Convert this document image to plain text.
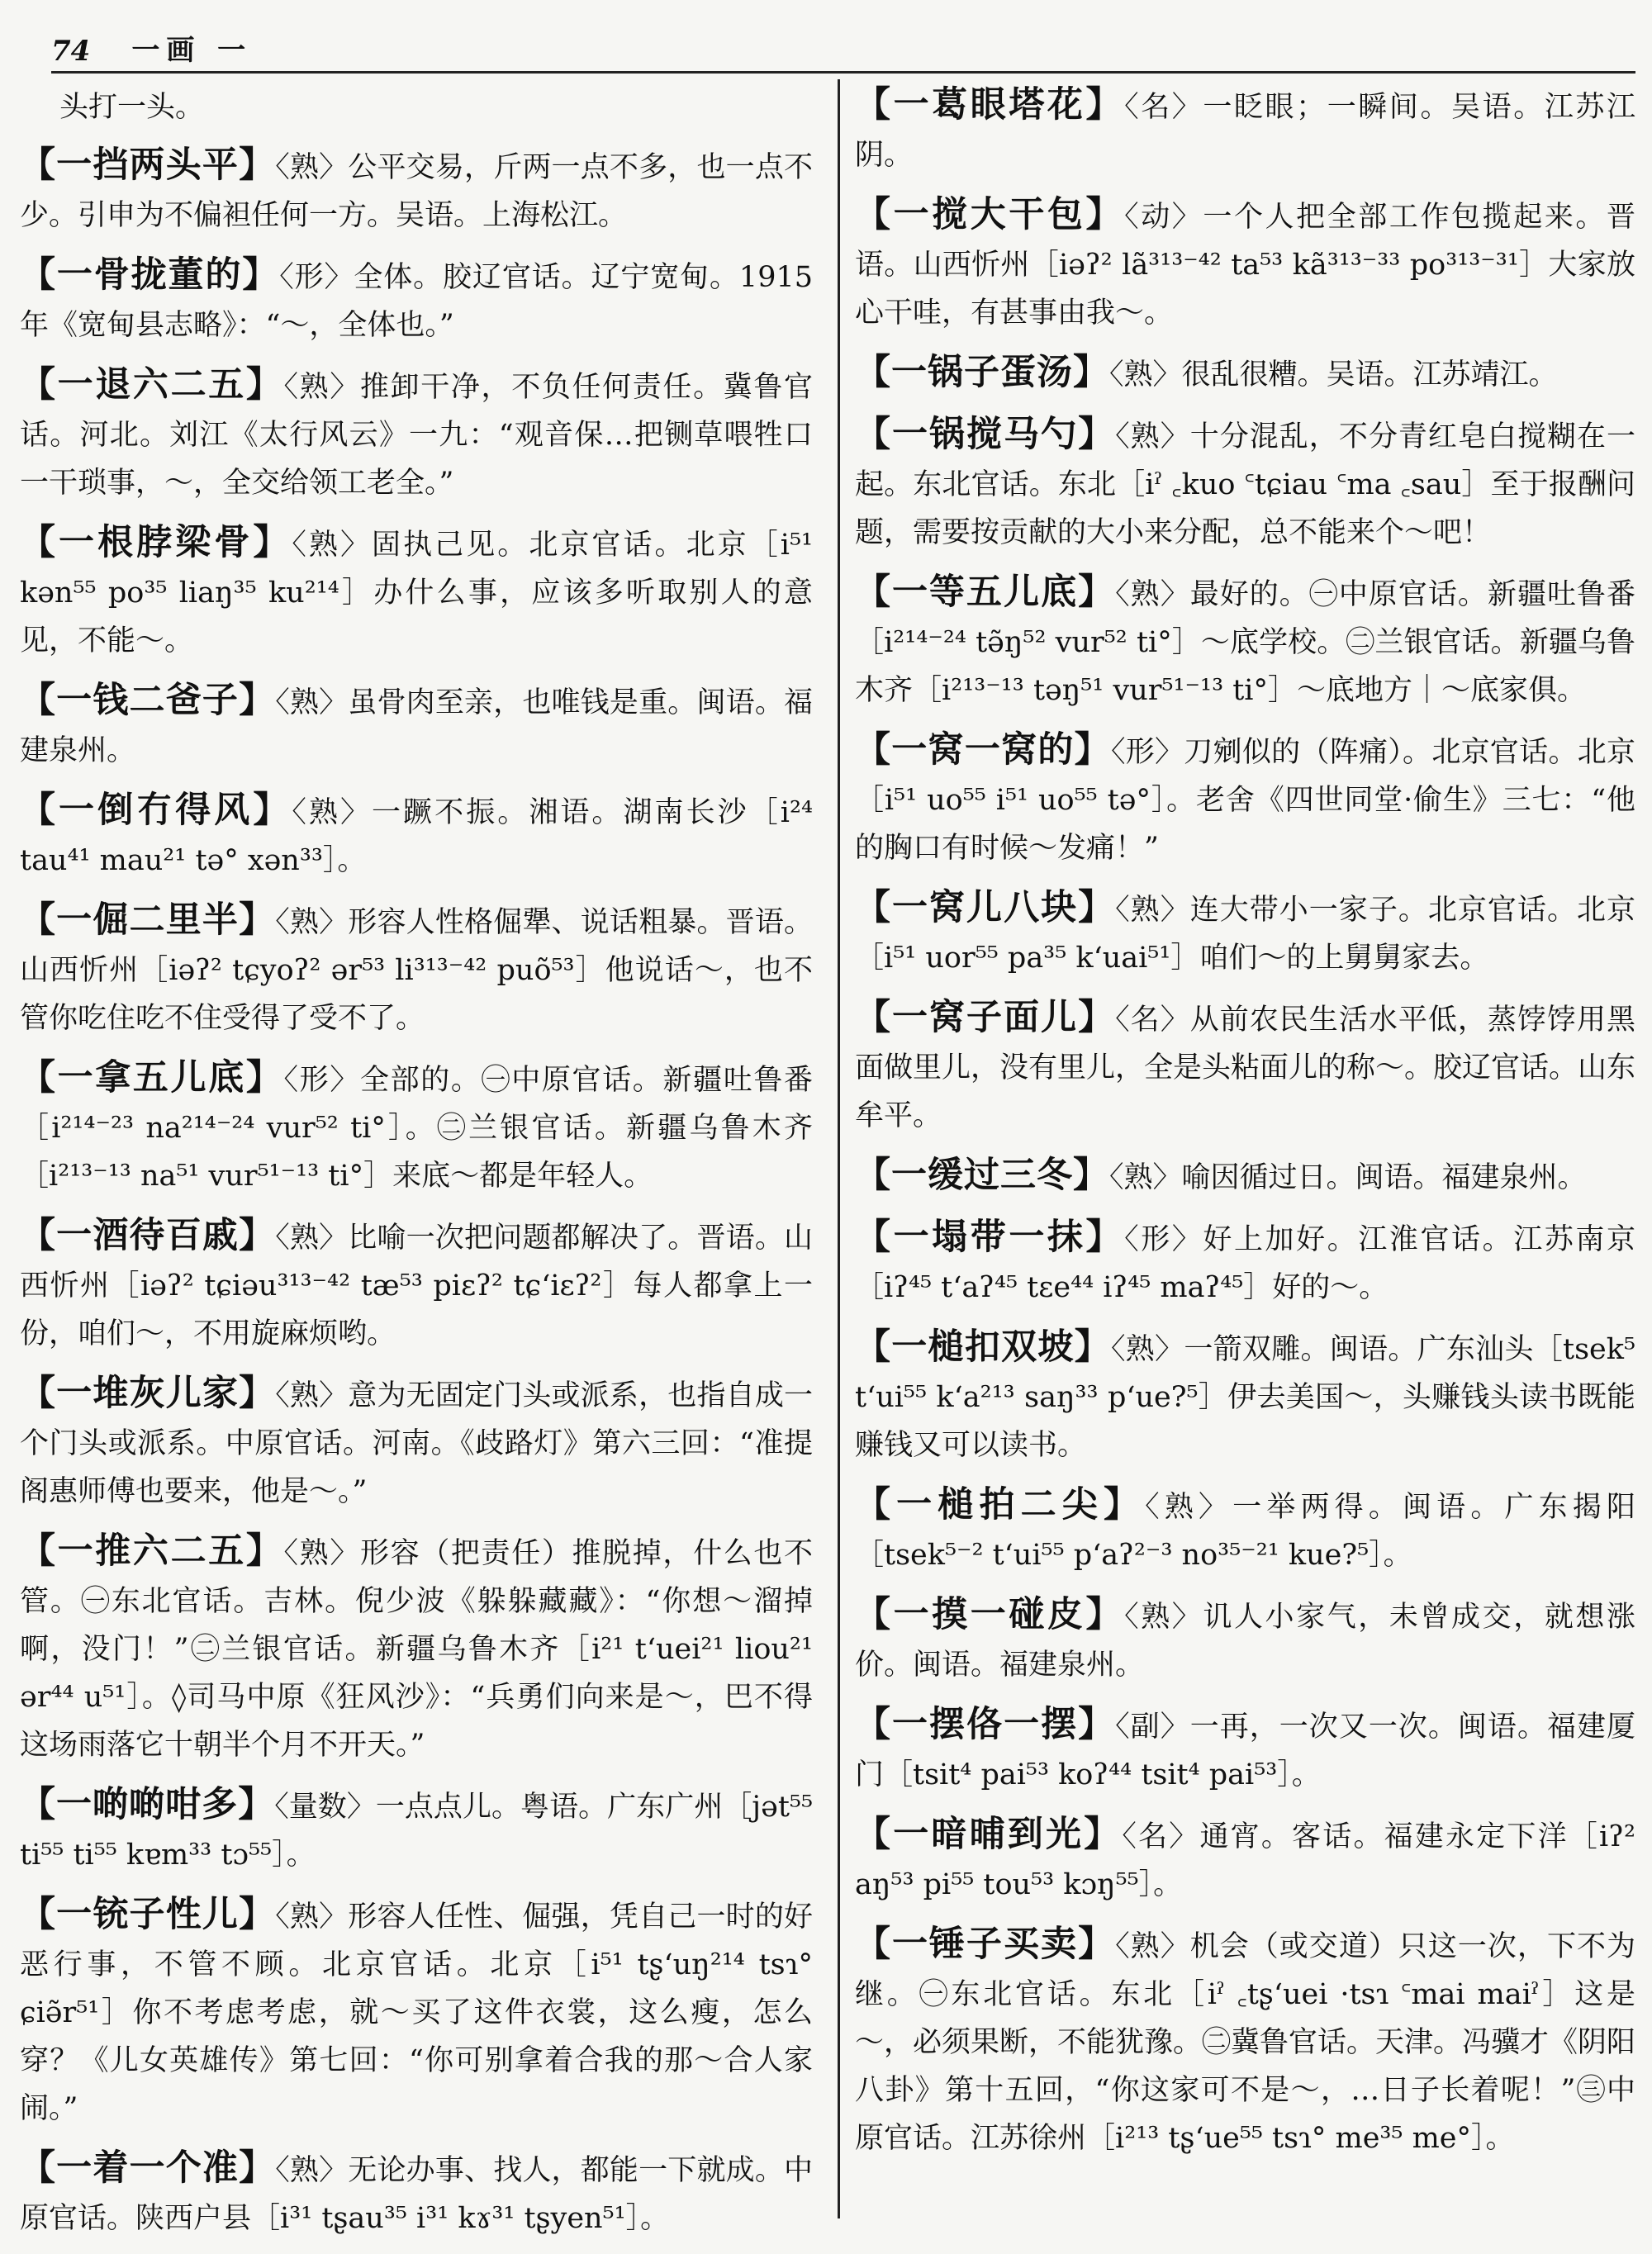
74 一画 一

头打一头。

【一挡两头平】〈熟〉公平交易，斤两一点不多，也一点不少。引申为不偏袒任何一方。吴语。上海松江。

【一骨拢董的】〈形〉全体。胶辽官话。辽宁宽甸。1915年《宽甸县志略》：“～，全体也。”

【一退六二五】〈熟〉推卸干净，不负任何责任。冀鲁官话。河北。刘江《太行风云》一九：“观音保…把铡草喂牲口一干琐事，～，全交给领工老全。”

【一根脖梁骨】〈熟〉固执己见。北京官话。北京［i⁵¹ kən⁵⁵ po³⁵ liaŋ³⁵ ku²¹⁴］办什么事，应该多听取别人的意见，不能～。

【一钱二爸子】〈熟〉虽骨肉至亲，也唯钱是重。闽语。福建泉州。

【一倒冇得风】〈熟〉一蹶不振。湘语。湖南长沙［i²⁴ tau⁴¹ mau²¹ tə° xən³³］。

【一倔二里半】〈熟〉形容人性格倔犟、说话粗暴。晋语。山西忻州［iəʔ² tɕyoʔ² ər⁵³ li³¹³⁻⁴² puõ⁵³］他说话～，也不管你吃住吃不住受得了受不了。

【一拿五儿底】〈形〉全部的。㊀中原官话。新疆吐鲁番［i²¹⁴⁻²³ na²¹⁴⁻²⁴ vur⁵² ti°］。㊁兰银官话。新疆乌鲁木齐［i²¹³⁻¹³ na⁵¹ vur⁵¹⁻¹³ ti°］来底～都是年轻人。

【一酒待百戚】〈熟〉比喻一次把问题都解决了。晋语。山西忻州［iəʔ² tɕiəu³¹³⁻⁴² tæ⁵³ piεʔ² tɕʻiεʔ²］每人都拿上一份，咱们～，不用旋麻烦哟。

【一堆灰儿家】〈熟〉意为无固定门头或派系，也指自成一个门头或派系。中原官话。河南。《歧路灯》第六三回：“准提阁惠师傅也要来，他是～。”

【一推六二五】〈熟〉形容（把责任）推脱掉，什么也不管。㊀东北官话。吉林。倪少波《躲躲藏藏》：“你想～溜掉啊，没门！”㊁兰银官话。新疆乌鲁木齐［i²¹ tʻuei²¹ liou²¹ ər⁴⁴ u⁵¹］。◊司马中原《狂风沙》：“兵勇们向来是～，巴不得这场雨落它十朝半个月不开天。”

【一啲啲咁多】〈量数〉一点点儿。粤语。广东广州［jət⁵⁵ ti⁵⁵ ti⁵⁵ kɐm³³ tɔ⁵⁵］。

【一铳子性儿】〈熟〉形容人任性、倔强，凭自己一时的好恶行事，不管不顾。北京官话。北京［i⁵¹ tʂʻuŋ²¹⁴ tsɿ° ɕiə̃r⁵¹］你不考虑考虑，就～买了这件衣裳，这么瘦，怎么穿？《儿女英雄传》第七回：“你可别拿着合我的那～合人家闹。”

【一着一个准】〈熟〉无论办事、找人，都能一下就成。中原官话。陕西户县［i³¹ tʂau³⁵ i³¹ kɤ³¹ tʂyen⁵¹］。

【一葛眼塔花】〈名〉一眨眼；一瞬间。吴语。江苏江阴。

【一搅大干包】〈动〉一个人把全部工作包揽起来。晋语。山西忻州［iəʔ² lã³¹³⁻⁴² ta⁵³ kã³¹³⁻³³ po³¹³⁻³¹］大家放心干哇，有甚事由我～。

【一锅子蛋汤】〈熟〉很乱很糟。吴语。江苏靖江。

【一锅搅马勺】〈熟〉十分混乱，不分青红皂白搅糊在一起。东北官话。东北［iˀ ꜀kuo ꜂tɕiau ꜂ma ꜀sau］至于报酬问题，需要按贡献的大小来分配，总不能来个～吧！

【一等五儿底】〈熟〉最好的。㊀中原官话。新疆吐鲁番［i²¹⁴⁻²⁴ tə̃ŋ⁵² vur⁵² ti°］～底学校。㊁兰银官话。新疆乌鲁木齐［i²¹³⁻¹³ təŋ⁵¹ vur⁵¹⁻¹³ ti°］～底地方｜～底家俱。

【一窝一窝的】〈形〉刀剜似的（阵痛）。北京官话。北京［i⁵¹ uo⁵⁵ i⁵¹ uo⁵⁵ tə°］。老舍《四世同堂·偷生》三七：“他的胸口有时候～发痛！”

【一窝儿八块】〈熟〉连大带小一家子。北京官话。北京［i⁵¹ uor⁵⁵ pa³⁵ kʻuai⁵¹］咱们～的上舅舅家去。

【一窝子面儿】〈名〉从前农民生活水平低，蒸饽饽用黑面做里儿，没有里儿，全是头粘面儿的称～。胶辽官话。山东牟平。

【一缓过三冬】〈熟〉喻因循过日。闽语。福建泉州。

【一塌带一抹】〈形〉好上加好。江淮官话。江苏南京［iʔ⁴⁵ tʻaʔ⁴⁵ tɛe⁴⁴ iʔ⁴⁵ maʔ⁴⁵］好的～。

【一槌扣双坡】〈熟〉一箭双雕。闽语。广东汕头［tsek⁵ tʻui⁵⁵ kʻa²¹³ saŋ³³ pʻue?⁵］伊去美国～，头赚钱头读书既能赚钱又可以读书。

【一槌拍二尖】〈熟〉一举两得。闽语。广东揭阳［tsek⁵⁻² tʻui⁵⁵ pʻaʔ²⁻³ no³⁵⁻²¹ kue?⁵］。

【一摸一碰皮】〈熟〉讥人小家气，未曾成交，就想涨价。闽语。福建泉州。

【一摆佫一摆】〈副〉一再，一次又一次。闽语。福建厦门［tsit⁴ pai⁵³ koʔ⁴⁴ tsit⁴ pai⁵³］。

【一暗晡到光】〈名〉通宵。客话。福建永定下洋［iʔ² aŋ⁵³ pi⁵⁵ tou⁵³ kɔŋ⁵⁵］。

【一锤子买卖】〈熟〉机会（或交道）只这一次，下不为继。㊀东北官话。东北［iˀ ꜀tʂʻuei ·tsɿ ꜂mai maiˀ］这是～，必须果断，不能犹豫。㊁冀鲁官话。天津。冯骥才《阴阳八卦》第十五回，“你这家可不是～，…日子长着呢！”㊂中原官话。江苏徐州［i²¹³ tʂʻue⁵⁵ tsɿ° me³⁵ me°］。
